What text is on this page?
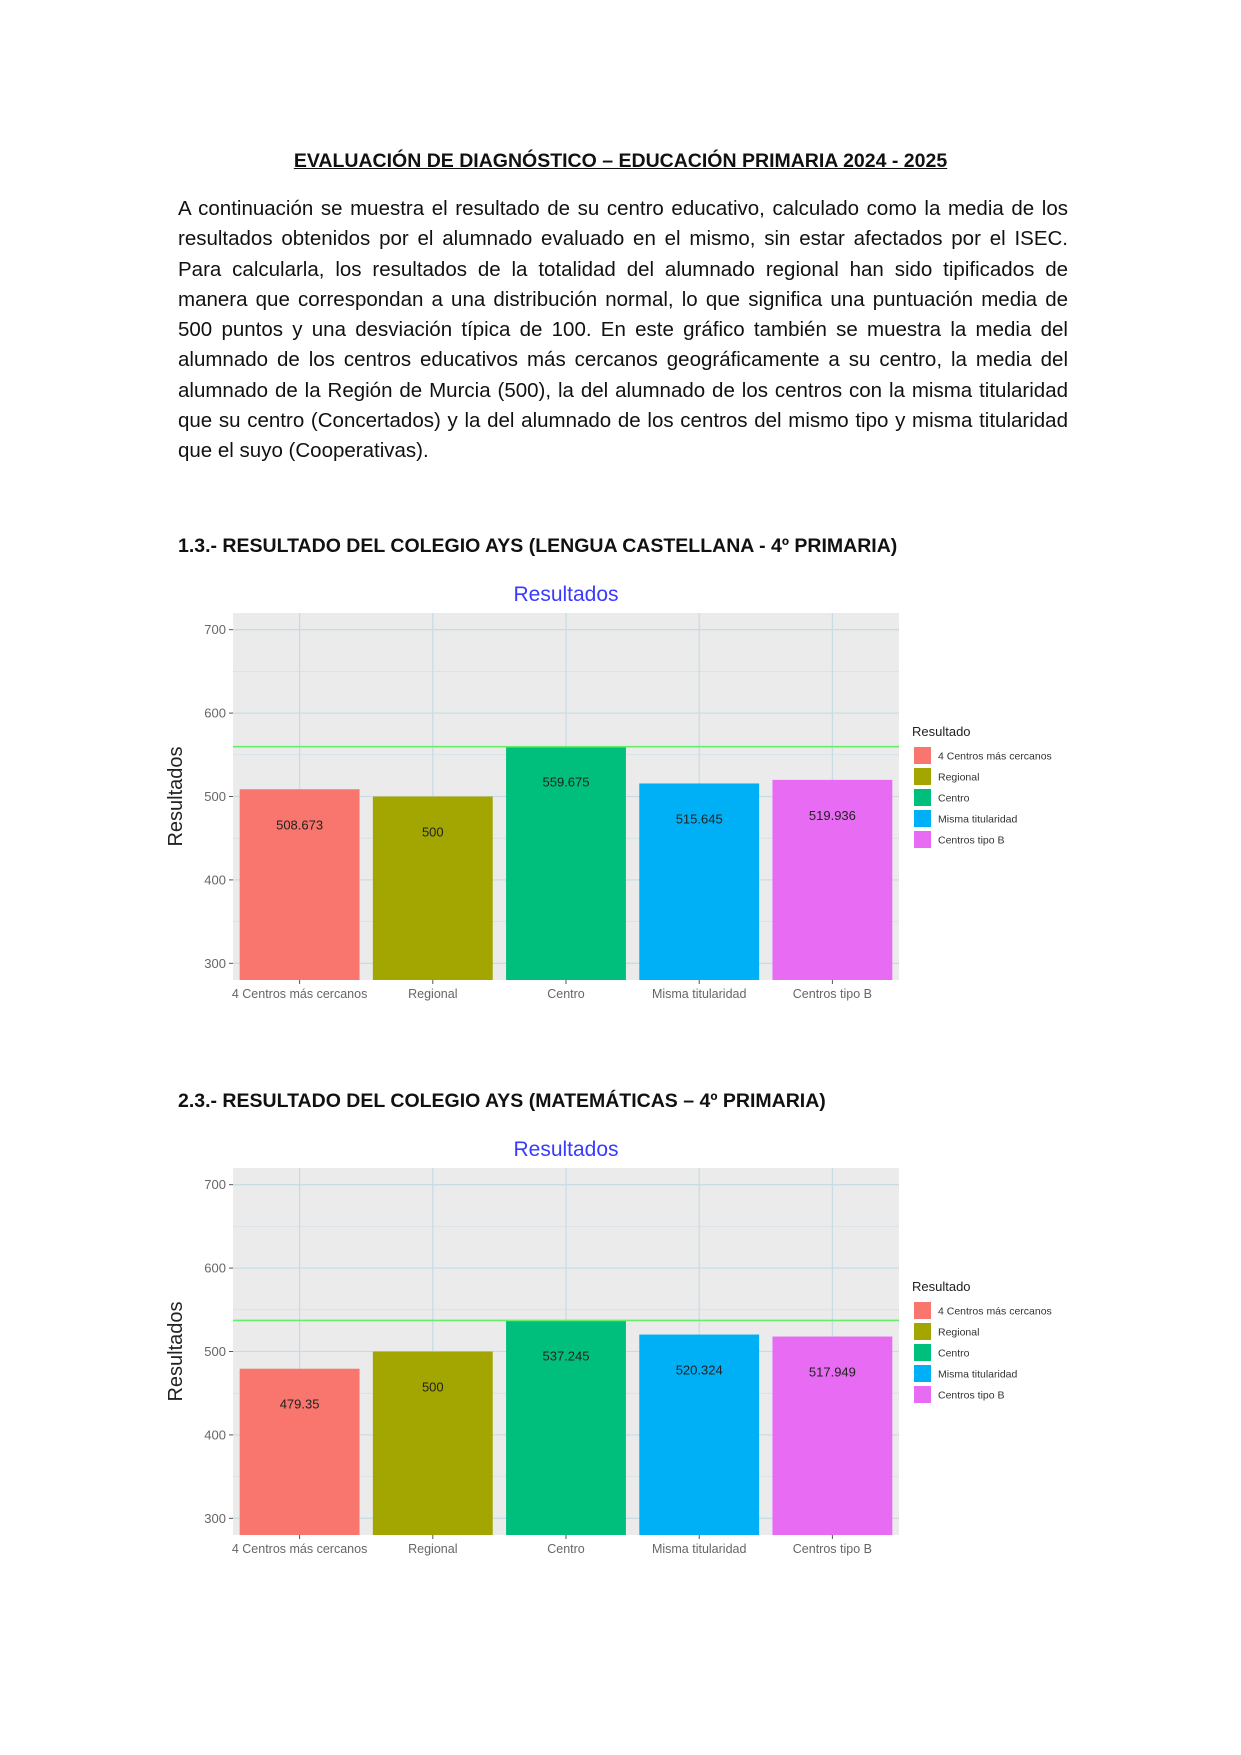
EVALUACIÓN DE DIAGNÓSTICO – EDUCACIÓN PRIMARIA 2024 - 2025

A continuación se muestra el resultado de su centro educativo, calculado como la media de los resultados obtenidos por el alumnado evaluado en el mismo, sin estar afectados por el ISEC. Para calcularla, los resultados de la totalidad del alumnado regional han sido tipificados de manera que correspondan a una distribución normal, lo que significa una puntuación media de 500 puntos y una desviación típica de 100. En este gráfico también se muestra la media del alumnado de los centros educativos más cercanos geográficamente a su centro, la media del alumnado de la Región de Murcia (500), la del alumnado de los centros con la misma titularidad que su centro (Concertados) y la del alumnado de los centros del mismo tipo y misma titularidad que el suyo (Cooperativas).

1.3.- RESULTADO DEL COLEGIO AYS (LENGUA CASTELLANA - 4º PRIMARIA)
Resultados
508.673	500
559.675
515.645	519.936
300
400
500
600
700
4 Centros más cercanos	Regional	Centro	Misma titularidad	Centros tipo B
Resultados
Resultado
4 Centros más cercanos
Regional
Centro
Misma titularidad
Centros tipo B
2.3.- RESULTADO DEL COLEGIO AYS (MATEMÁTICAS – 4º PRIMARIA)
Resultados
479.35
500
537.245
520.324	517.949
300
400
500
600
700
4 Centros más cercanos	Regional	Centro	Misma titularidad	Centros tipo B
Resultados
Resultado
4 Centros más cercanos
Regional
Centro
Misma titularidad
Centros tipo B
